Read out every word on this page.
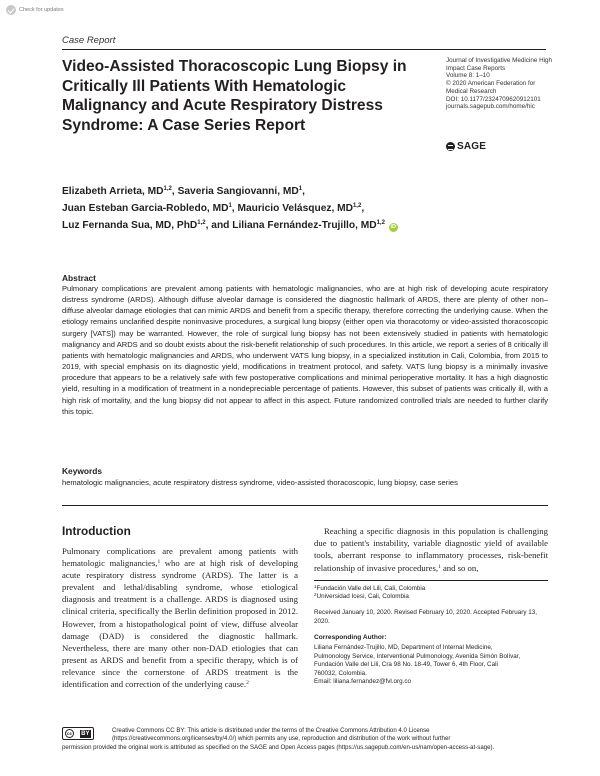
Check for updates
Case Report
Video-Assisted Thoracoscopic Lung Biopsy in Critically Ill Patients With Hematologic Malignancy and Acute Respiratory Distress Syndrome: A Case Series Report
Journal of Investigative Medicine High
Impact Case Reports
Volume 8: 1–10
© 2020 American Federation for
Medical Research
DOI: 10.1177/2324709620912101
journals.sagepub.com/home/hic
SAGE
Elizabeth Arrieta, MD$^{1,2}$, Saveria Sangiovanni, $MD^1$,
Juan Esteban Garcia-Robledo, $MD^1$, Mauricio Velásquez, MD$^{1,2}$,
Luz Fernanda Sua, MD, PhD$^{1,2}$, and Liliana Fernández-Trujillo, MD$^{1,2}$ iD
Abstract
Pulmonary complications are prevalent among patients with hematologic malignancies, who are at high risk of developing acute respiratory distress syndrome (ARDS). Although diffuse alveolar damage is considered the diagnostic hallmark of ARDS, there are plenty of other non–diffuse alveolar damage etiologies that can mimic ARDS and benefit from a specific therapy, therefore correcting the underlying cause. When the etiology remains unclarified despite noninvasive procedures, a surgical lung biopsy (either open via thoracotomy or video-assisted thoracoscopic surgery [VATS]) may be warranted. However, the role of surgical lung biopsy has not been extensively studied in patients with hematologic malignancy and ARDS and so doubt exists about the risk-benefit relationship of such procedures. In this article, we report a series of 8 critically ill patients with hematologic malignancies and ARDS, who underwent VATS lung biopsy, in a specialized institution in Cali, Colombia, from 2015 to 2019, with special emphasis on its diagnostic yield, modifications in treatment protocol, and safety. VATS lung biopsy is a minimally invasive procedure that appears to be a relatively safe with few postoperative complications and minimal perioperative mortality. It has a high diagnostic yield, resulting in a modification of treatment in a nondepreciable percentage of patients. However, this subset of patients was critically ill, with a high risk of mortality, and the lung biopsy did not appear to affect in this aspect. Future randomized controlled trials are needed to further clarify this topic.
Keywords
hematologic malignancies, acute respiratory distress syndrome, video-assisted thoracoscopic, lung biopsy, case series
Introduction
Pulmonary complications are prevalent among patients with hematologic malignancies,$^1$ who are at high risk of developing acute respiratory distress syndrome (ARDS). The latter is a prevalent and lethal/disabling syndrome, whose etiological diagnosis and treatment is a challenge. ARDS is diagnosed using clinical criteria, specifically the Berlin definition proposed in 2012. However, from a histopathological point of view, diffuse alveolar damage (DAD) is considered the diagnostic hallmark. Nevertheless, there are many other non-DAD etiologies that can present as ARDS and benefit from a specific therapy, which is of relevance since the cornerstone of ARDS treatment is the identification and correction of the underlying cause.$^2$
Reaching a specific diagnosis in this population is challenging due to patient's instability, variable diagnostic yield of available tools, aberrant response to inflammatory processes, risk-benefit relationship of invasive procedures,$^1$ and so on,
$^1$Fundación Valle del Lili, Cali, Colombia
$^2$Universidad Icesi, Cali, Colombia
Received January 10, 2020. Revised February 10, 2020. Accepted February 13, 2020.
Corresponding Author:
Liliana Fernández-Trujillo, MD, Department of Internal Medicine,
Pulmonology Service, Interventional Pulmonology, Avenida Simón Bolívar,
Fundación Valle del Lili, Cra 98 No. 18-49, Tower 6, 4th Floor, Cali
760032, Colombia.
Email: liliana.fernandez@fvl.org.co
cc	BY	Creative Commons CC BY: This article is distributed under the terms of the Creative Commons Attribution 4.0 License (https://creativecommons.org/licenses/by/4.0/) which permits any use, reproduction and distribution of the work without further
permission provided the original work is attributed as specified on the SAGE and Open Access pages (https://us.sagepub.com/en-us/nam/open-access-at-sage).
